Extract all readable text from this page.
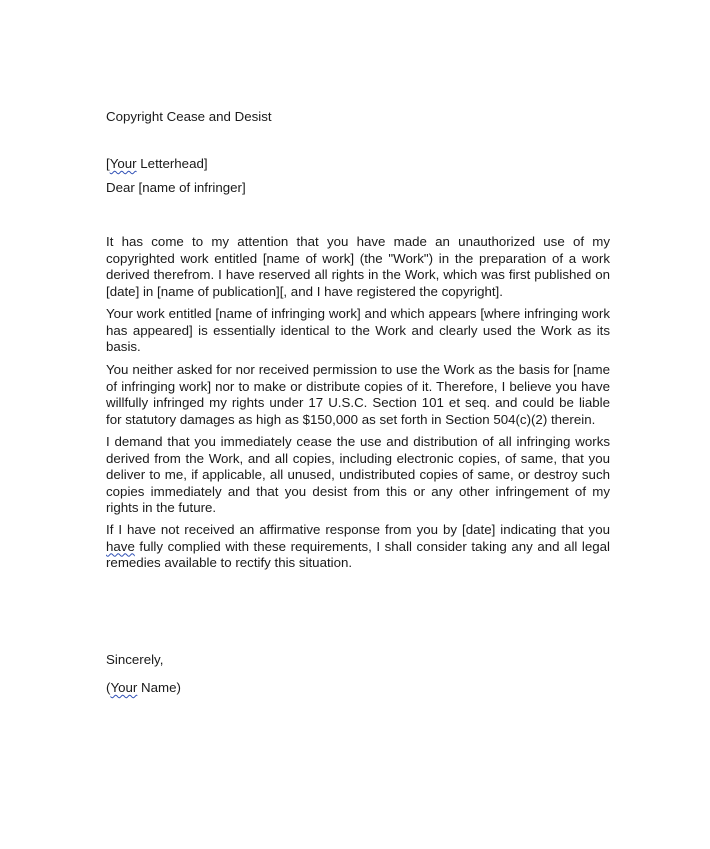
Copyright Cease and Desist
[Your Letterhead]
Dear [name of infringer]

It has come to my attention that you have made an unauthorized use of my copyrighted work entitled [name of work] (the "Work") in the preparation of a work derived therefrom. I have reserved all rights in the Work, which was first published on [date] in [name of publication][, and I have registered the copyright].

Your work entitled [name of infringing work] and which appears [where infringing work has appeared] is essentially identical to the Work and clearly used the Work as its basis.

You neither asked for nor received permission to use the Work as the basis for [name of infringing work] nor to make or distribute copies of it. Therefore, I believe you have willfully infringed my rights under 17 U.S.C. Section 101 et seq. and could be liable for statutory damages as high as $150,000 as set forth in Section 504(c)(2) therein.

I demand that you immediately cease the use and distribution of all infringing works derived from the Work, and all copies, including electronic copies, of same, that you deliver to me, if applicable, all unused, undistributed copies of same, or destroy such copies immediately and that you desist from this or any other infringement of my rights in the future.

If I have not received an affirmative response from you by [date] indicating that you have fully complied with these requirements, I shall consider taking any and all legal remedies available to rectify this situation.

Sincerely,
(Your Name)
